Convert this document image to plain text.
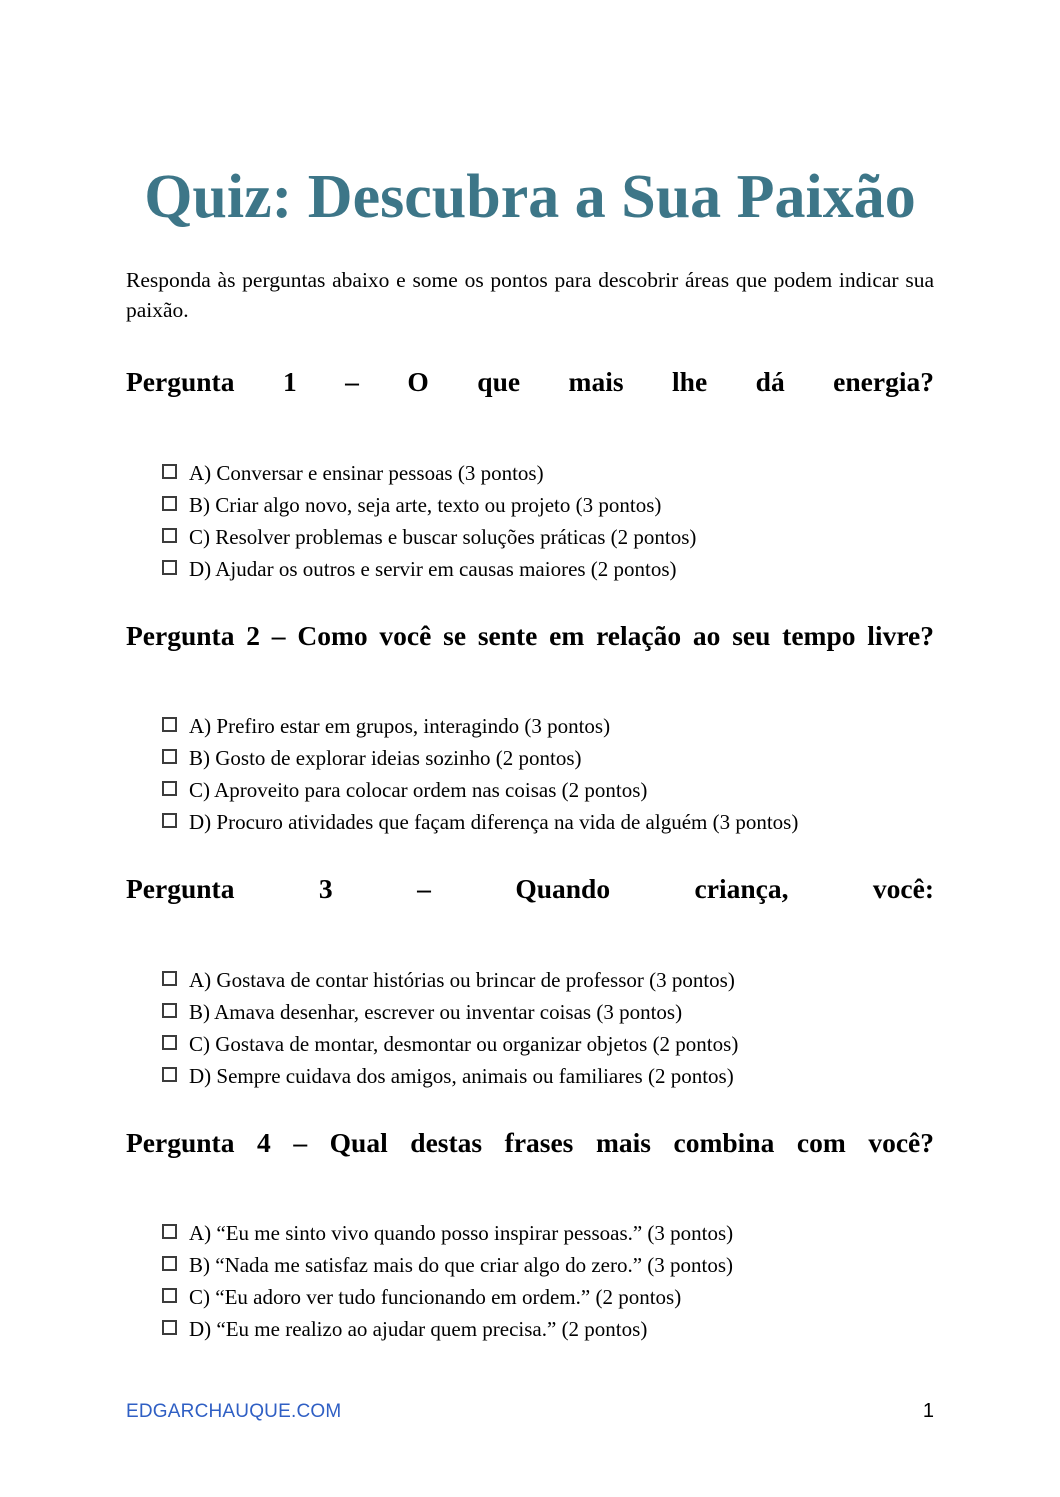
Quiz: Descubra a Sua Paixão

Responda às perguntas abaixo e some os pontos para descobrir áreas que podem indicar sua paixão.

Pergunta 1 – O que mais lhe dá energia?
A) Conversar e ensinar pessoas (3 pontos)
B) Criar algo novo, seja arte, texto ou projeto (3 pontos)
C) Resolver problemas e buscar soluções práticas (2 pontos)
D) Ajudar os outros e servir em causas maiores (2 pontos)
Pergunta 2 – Como você se sente em relação ao seu tempo livre?
A) Prefiro estar em grupos, interagindo (3 pontos)
B) Gosto de explorar ideias sozinho (2 pontos)
C) Aproveito para colocar ordem nas coisas (2 pontos)
D) Procuro atividades que façam diferença na vida de alguém (3 pontos)
Pergunta 3 – Quando criança, você:
A) Gostava de contar histórias ou brincar de professor (3 pontos)
B) Amava desenhar, escrever ou inventar coisas (3 pontos)
C) Gostava de montar, desmontar ou organizar objetos (2 pontos)
D) Sempre cuidava dos amigos, animais ou familiares (2 pontos)
Pergunta 4 – Qual destas frases mais combina com você?
A) “Eu me sinto vivo quando posso inspirar pessoas.” (3 pontos)
B) “Nada me satisfaz mais do que criar algo do zero.” (3 pontos)
C) “Eu adoro ver tudo funcionando em ordem.” (2 pontos)
D) “Eu me realizo ao ajudar quem precisa.” (2 pontos)
EDGARCHAUQUE.COM	1
